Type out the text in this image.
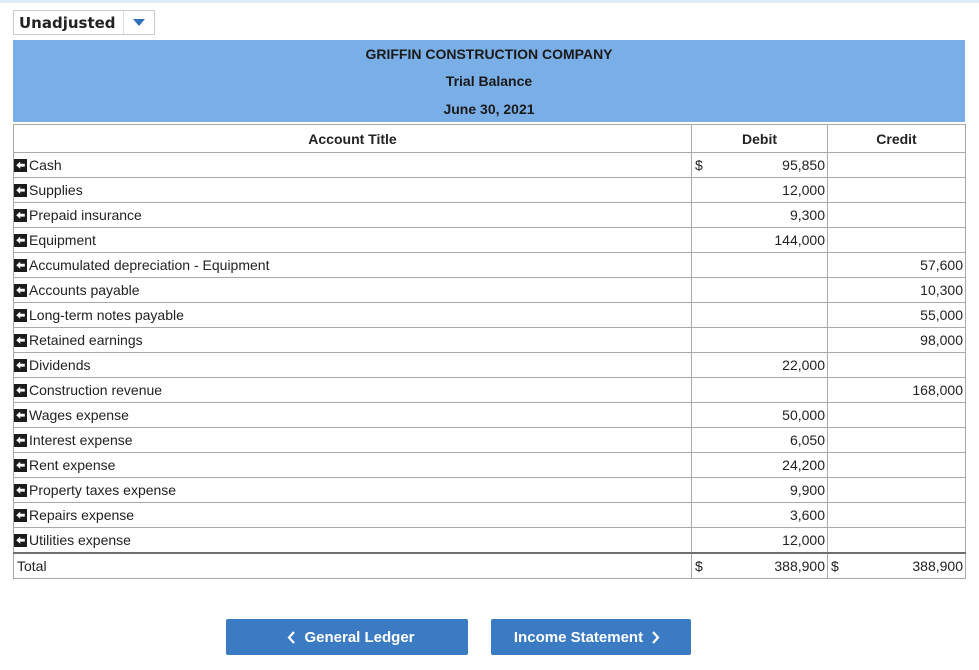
Unadjusted
GRIFFIN CONSTRUCTION COMPANY
Trial Balance
June 30, 2021
Account Title	Debit	Credit

Cash	$ 95,850	

Supplies	12,000	

Prepaid insurance	9,300	

Equipment	144,000	

Accumulated depreciation - Equipment		57,600

Accounts payable		10,300

Long-term notes payable		55,000

Retained earnings		98,000

Dividends	22,000	

Construction revenue		168,000

Wages expense	50,000	

Interest expense	6,050	

Rent expense	24,200	

Property taxes expense	9,900	

Repairs expense	3,600	

Utilities expense	12,000	

Total	$ 388,900	$ 388,900
General Ledger	Income Statement
